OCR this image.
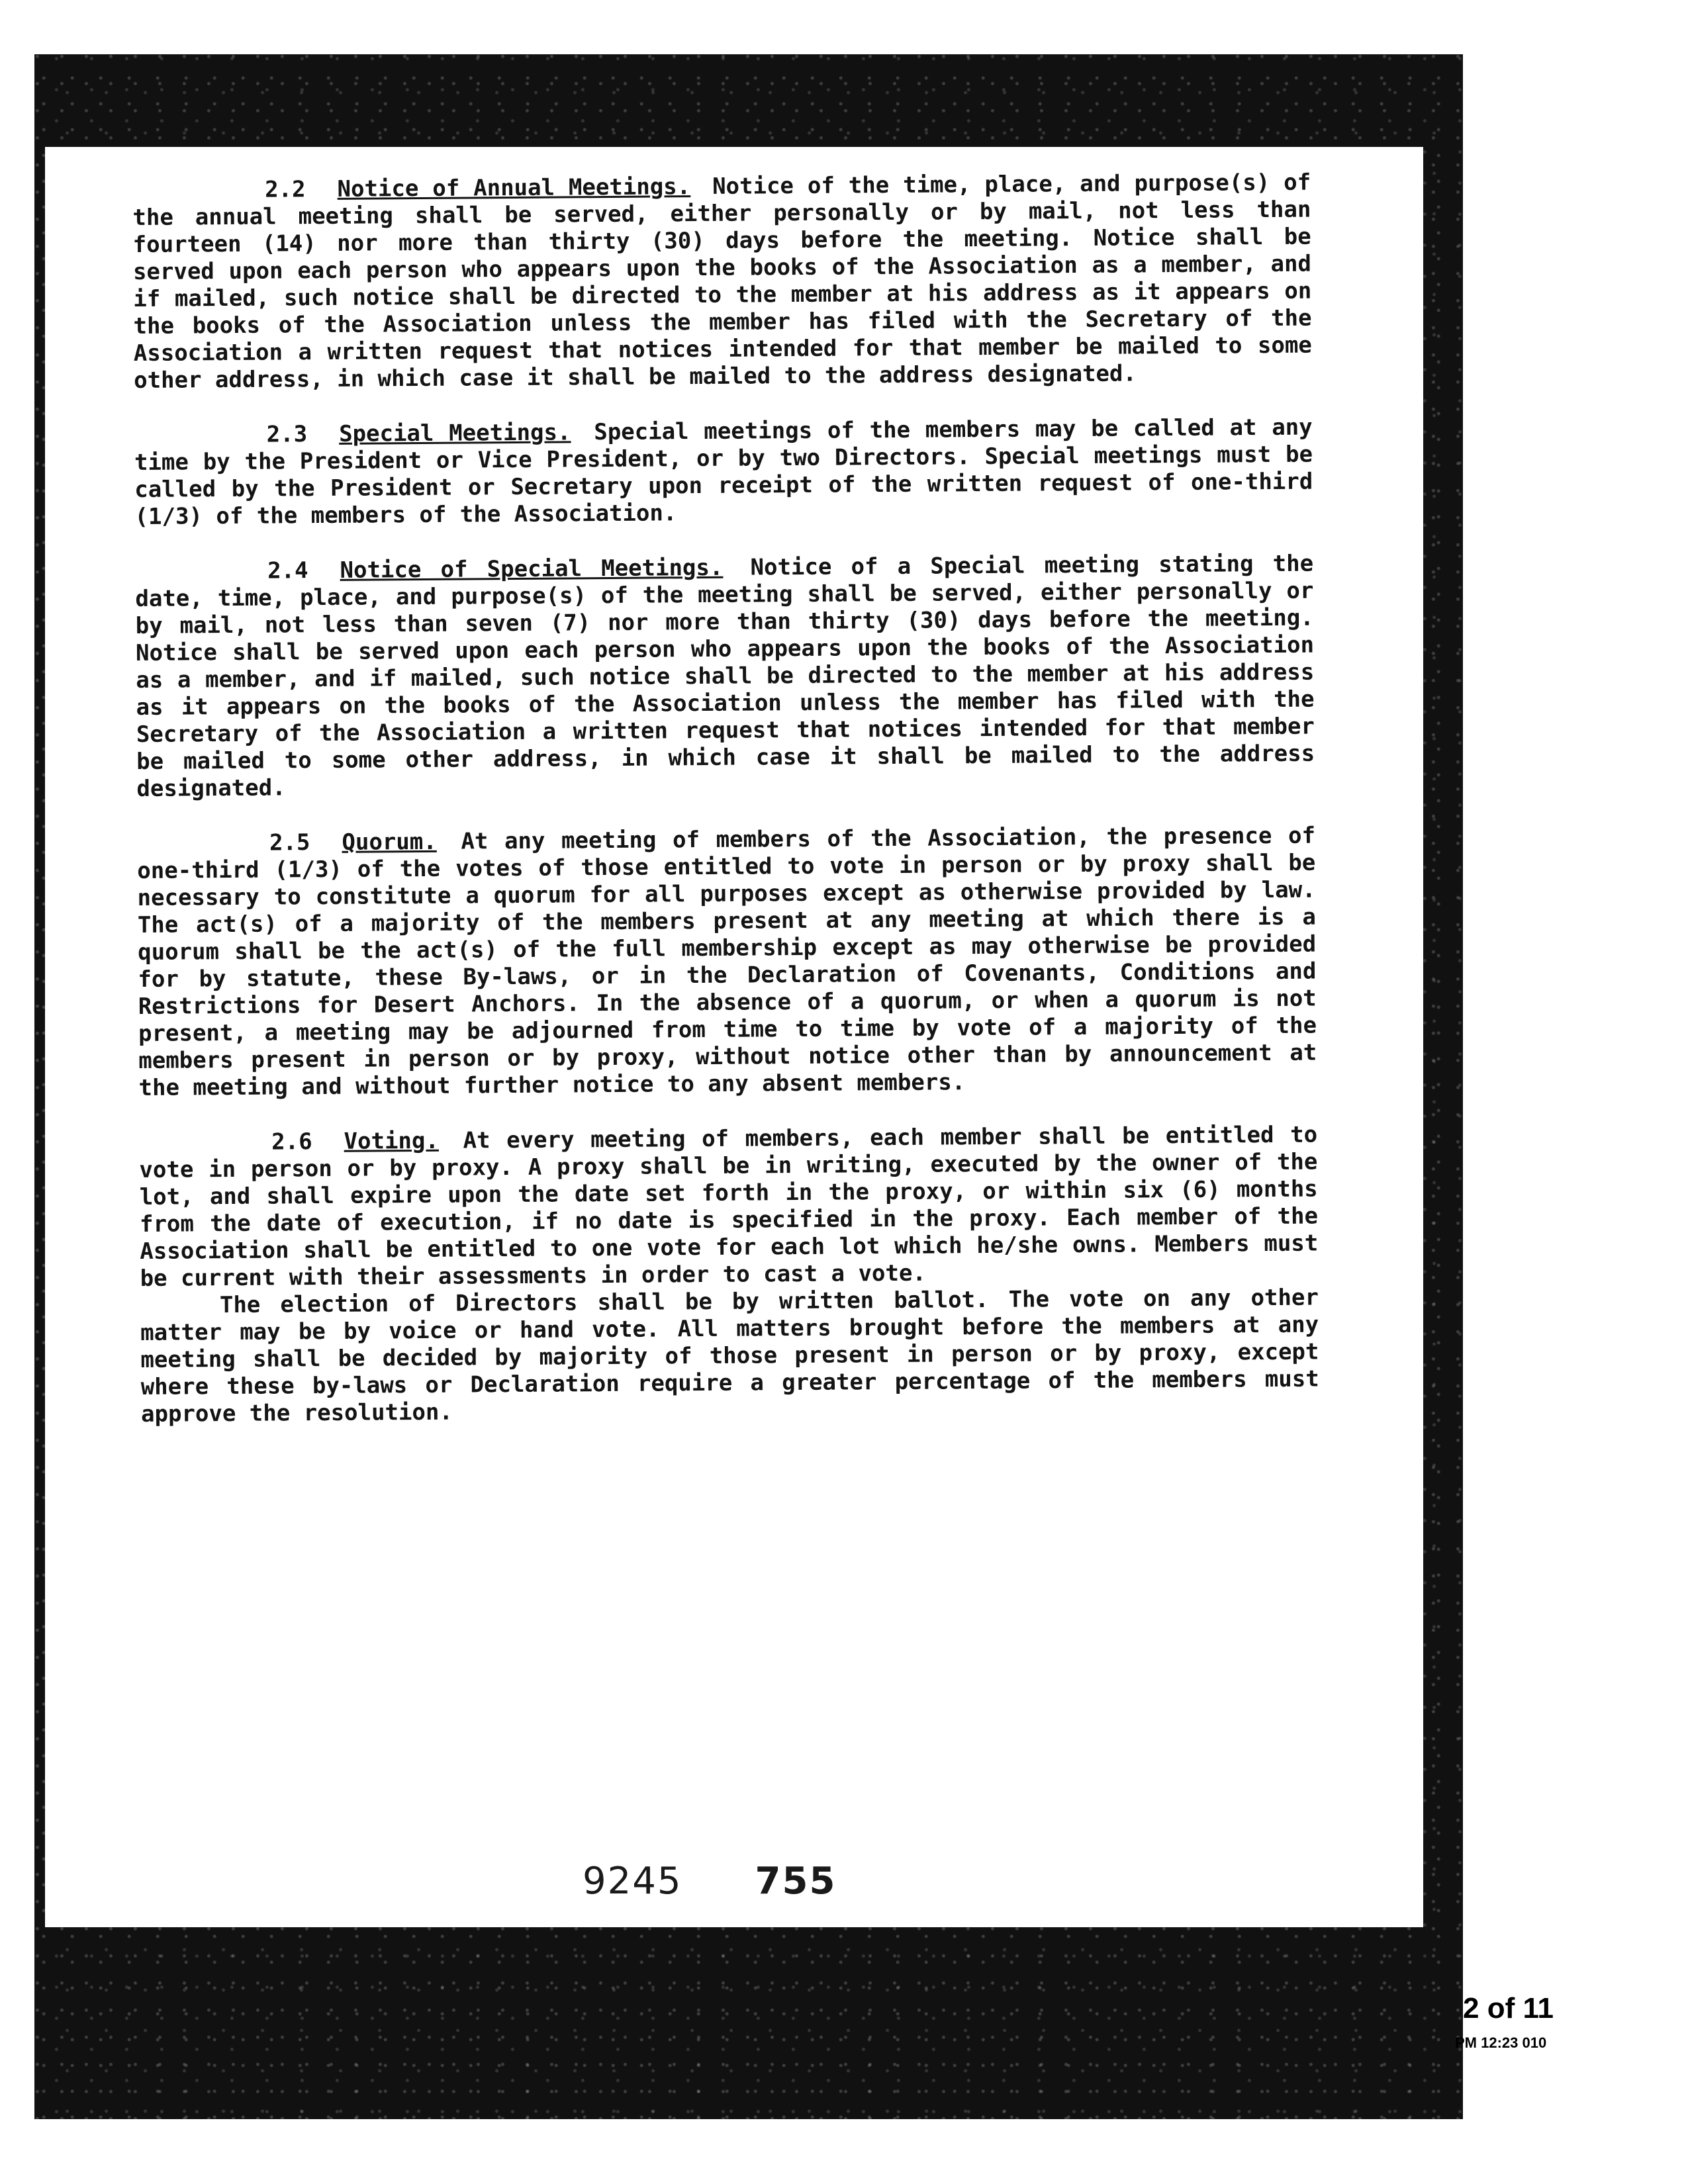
2.2 Notice of Annual Meetings. Notice of the time, place, and purpose(s) of the annual meeting shall be served, either personally or by mail, not less than fourteen (14) nor more than thirty (30) days before the meeting. Notice shall be served upon each person who appears upon the books of the Association as a member, and if mailed, such notice shall be directed to the member at his address as it appears on the books of the Association unless the member has filed with the Secretary of the Association a written request that notices intended for that member be mailed to some other address, in which case it shall be mailed to the address designated.

2.3 Special Meetings. Special meetings of the members may be called at any time by the President or Vice President, or by two Directors. Special meetings must be called by the President or Secretary upon receipt of the written request of one-third (1/3) of the members of the Association.

2.4 Notice of Special Meetings. Notice of a Special meeting stating the date, time, place, and purpose(s) of the meeting shall be served, either personally or by mail, not less than seven (7) nor more than thirty (30) days before the meeting. Notice shall be served upon each person who appears upon the books of the Association as a member, and if mailed, such notice shall be directed to the member at his address as it appears on the books of the Association unless the member has filed with the Secretary of the Association a written request that notices intended for that member be mailed to some other address, in which case it shall be mailed to the address designated.

2.5 Quorum. At any meeting of members of the Association, the presence of one-third (1/3) of the votes of those entitled to vote in person or by proxy shall be necessary to constitute a quorum for all purposes except as otherwise provided by law. The act(s) of a majority of the members present at any meeting at which there is a quorum shall be the act(s) of the full membership except as may otherwise be provided for by statute, these By-laws, or in the Declaration of Covenants, Conditions and Restrictions for Desert Anchors. In the absence of a quorum, or when a quorum is not present, a meeting may be adjourned from time to time by vote of a majority of the members present in person or by proxy, without notice other than by announcement at the meeting and without further notice to any absent members.

2.6 Voting. At every meeting of members, each member shall be entitled to vote in person or by proxy. A proxy shall be in writing, executed by the owner of the lot, and shall expire upon the date set forth in the proxy, or within six (6) months from the date of execution, if no date is specified in the proxy. Each member of the Association shall be entitled to one vote for each lot which he/she owns. Members must be current with their assessments in order to cast a vote.

The election of Directors shall be by written ballot. The vote on any other matter may be by voice or hand vote. All matters brought before the members at any meeting shall be decided by majority of those present in person or by proxy, except where these by-laws or Declaration require a greater percentage of the members must approve the resolution.

9245 755
2 of 11
010 12:23 PM
